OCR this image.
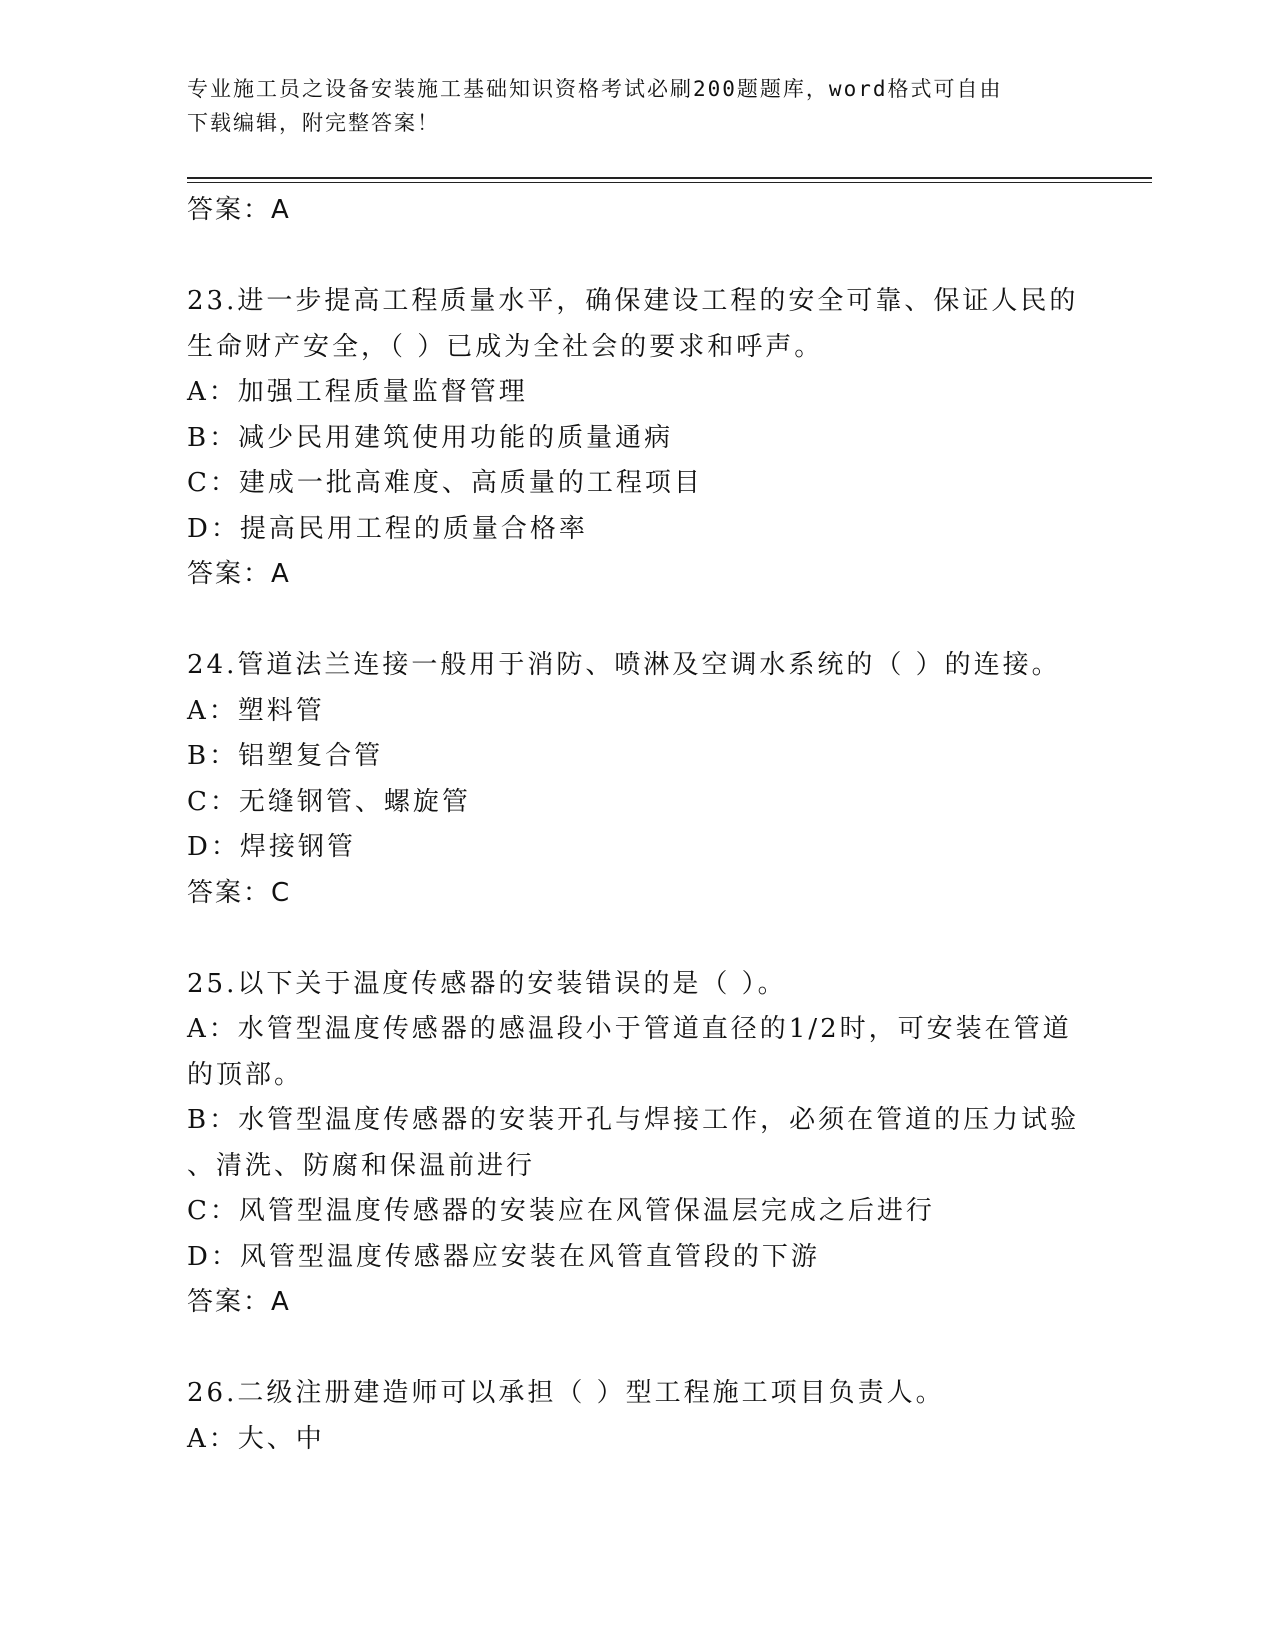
专业施工员之设备安装施工基础知识资格考试必刷200题题库，word格式可自由
下载编辑，附完整答案！
答案：A
23.进一步提高工程质量水平，确保建设工程的安全可靠、保证人民的
生命财产安全，（ ）已成为全社会的要求和呼声。
A：加强工程质量监督管理
B：减少民用建筑使用功能的质量通病
C：建成一批高难度、高质量的工程项目
D：提高民用工程的质量合格率
答案：A
24.管道法兰连接一般用于消防、喷淋及空调水系统的（ ）的连接。
A：塑料管
B：铝塑复合管
C：无缝钢管、螺旋管
D：焊接钢管
答案：C
25.以下关于温度传感器的安装错误的是（ ）。
A：水管型温度传感器的感温段小于管道直径的1/2时，可安装在管道
的顶部。
B：水管型温度传感器的安装开孔与焊接工作，必须在管道的压力试验
、清洗、防腐和保温前进行
C：风管型温度传感器的安装应在风管保温层完成之后进行
D：风管型温度传感器应安装在风管直管段的下游
答案：A
26.二级注册建造师可以承担（ ）型工程施工项目负责人。
A：大、中
